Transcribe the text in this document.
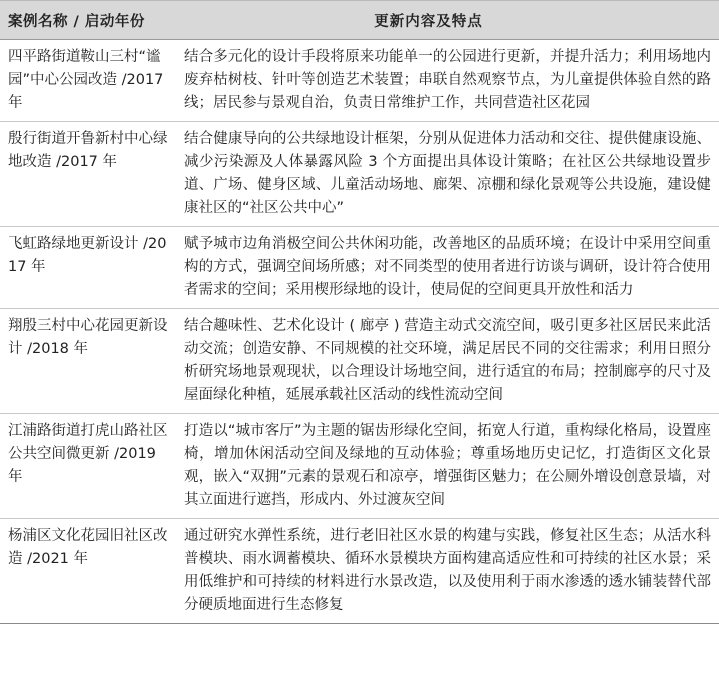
案例名称 / 启动年份	更新内容及特点
四平路街道鞍山三村“谧园”中心公园改造 /2017 年
结合多元化的设计手段将原来功能单一的公园进行更新，并提升活力；利用场地内废弃枯树枝、针叶等创造艺术装置；串联自然观察节点，为儿童提供体验自然的路线；居民参与景观自治，负责日常维护工作，共同营造社区花园
殷行街道开鲁新村中心绿地改造 /2017 年
结合健康导向的公共绿地设计框架，分别从促进体力活动和交往、提供健康设施、减少污染源及人体暴露风险 3 个方面提出具体设计策略；在社区公共绿地设置步道、广场、健身区域、儿童活动场地、廊架、凉棚和绿化景观等公共设施，建设健康社区的“社区公共中心”
飞虹路绿地更新设计 /2017 年
赋予城市边角消极空间公共休闲功能，改善地区的品质环境；在设计中采用空间重构的方式，强调空间场所感；对不同类型的使用者进行访谈与调研，设计符合使用者需求的空间；采用楔形绿地的设计，使局促的空间更具开放性和活力
翔殷三村中心花园更新设计 /2018 年
结合趣味性、艺术化设计 ( 廊亭 ) 营造主动式交流空间，吸引更多社区居民来此活动交流；创造安静、不同规模的社交环境，满足居民不同的交往需求；利用日照分析研究场地景观现状，以合理设计场地空间，进行适宜的布局；控制廊亭的尺寸及屋面绿化种植，延展承载社区活动的线性流动空间
江浦路街道打虎山路社区公共空间微更新 /2019 年
打造以“城市客厅”为主题的锯齿形绿化空间，拓宽人行道，重构绿化格局，设置座椅，增加休闲活动空间及绿地的互动体验；尊重场地历史记忆，打造街区文化景观，嵌入“双拥”元素的景观石和凉亭，增强街区魅力；在公厕外增设创意景墙，对其立面进行遮挡，形成内、外过渡灰空间
杨浦区文化花园旧社区改造 /2021 年
通过研究水弹性系统，进行老旧社区水景的构建与实践，修复社区生态；从活水科普模块、雨水调蓄模块、循环水景模块方面构建高适应性和可持续的社区水景；采用低维护和可持续的材料进行水景改造，以及使用利于雨水渗透的透水铺装替代部分硬质地面进行生态修复
